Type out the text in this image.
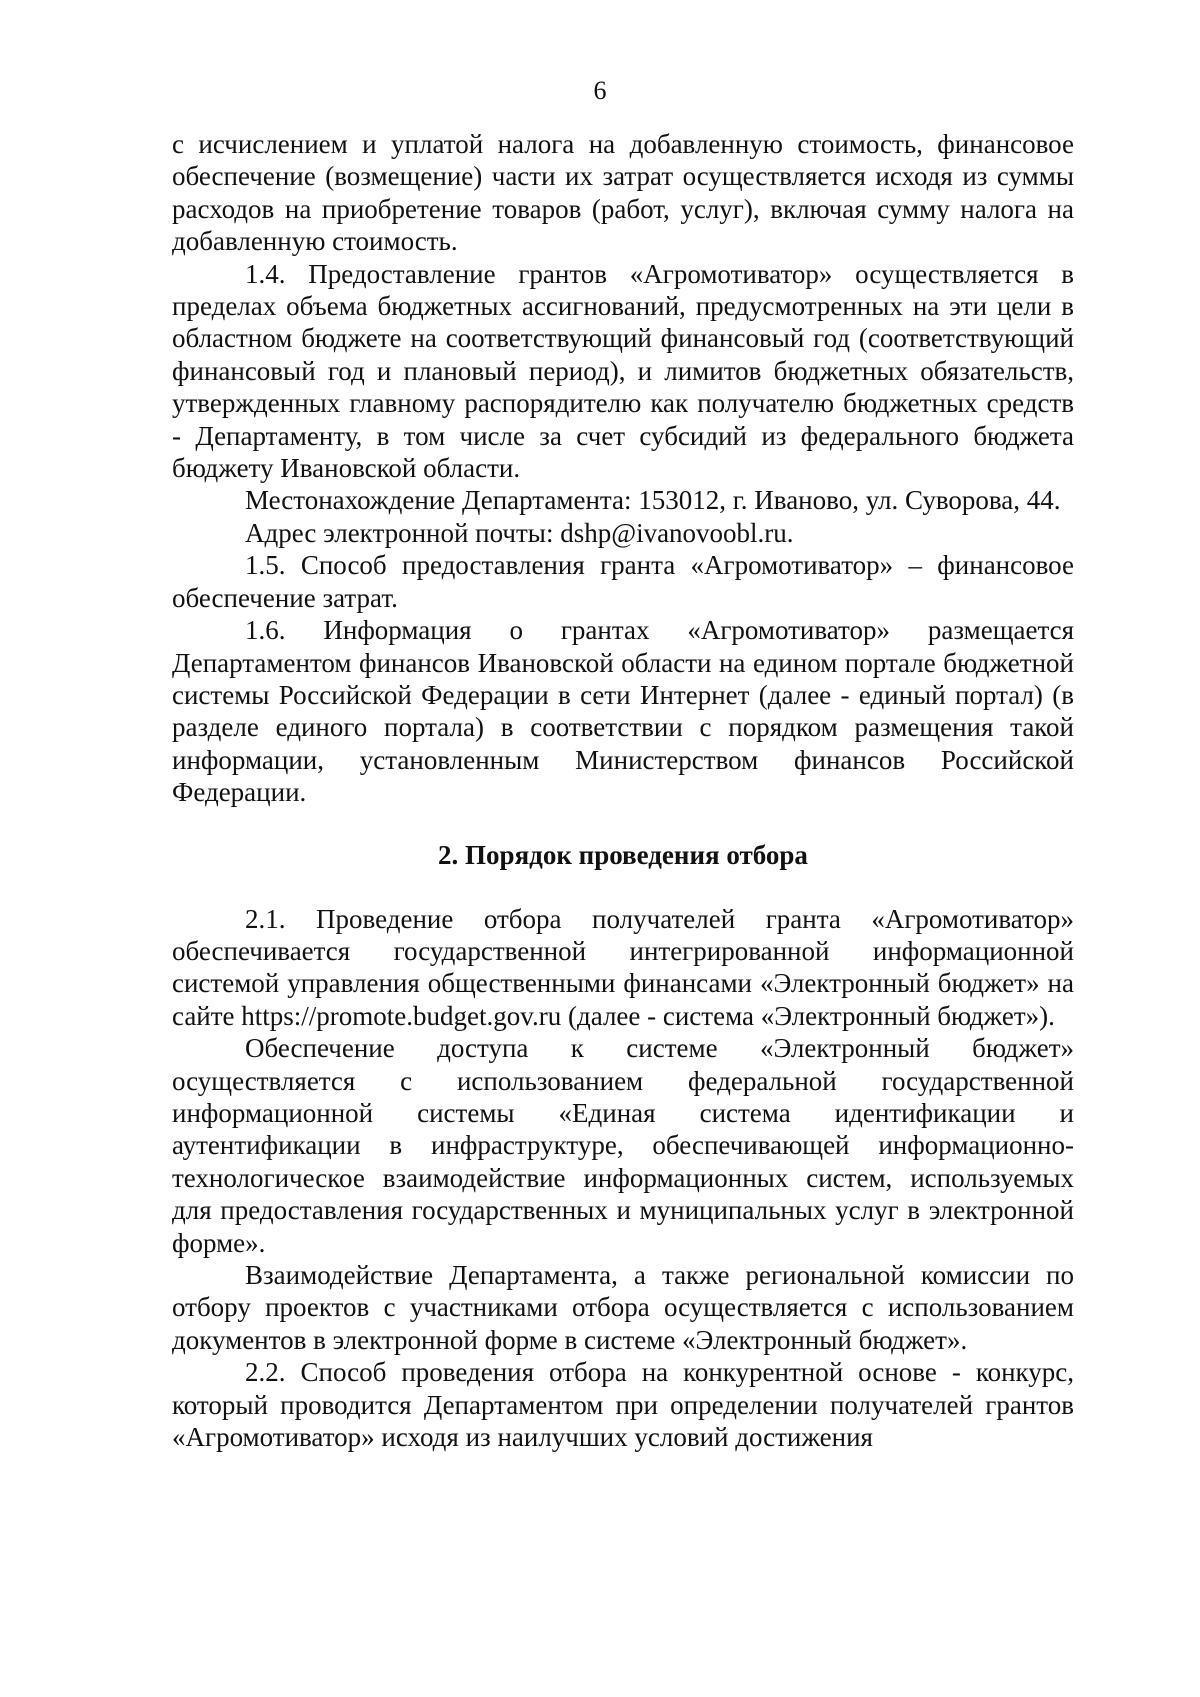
6

с исчислением и уплатой налога на добавленную стоимость, финансовое обеспечение (возмещение) части их затрат осуществляется исходя из суммы расходов на приобретение товаров (работ, услуг), включая сумму налога на добавленную стоимость.

1.4. Предоставление грантов «Агромотиватор» осуществляется в пределах объема бюджетных ассигнований, предусмотренных на эти цели в областном бюджете на соответствующий финансовый год (соответствующий финансовый год и плановый период), и лимитов бюджетных обязательств, утвержденных главному распорядителю как получателю бюджетных средств - Департаменту, в том числе за счет субсидий из федерального бюджета бюджету Ивановской области.

Местонахождение Департамента: 153012, г. Иваново, ул. Суворова, 44.

Адрес электронной почты: dshp@ivanovoobl.ru.

1.5. Способ предоставления гранта «Агромотиватор» – финансовое обеспечение затрат.

1.6. Информация о грантах «Агромотиватор» размещается Департаментом финансов Ивановской области на едином портале бюджетной системы Российской Федерации в сети Интернет (далее - единый портал) (в разделе единого портала) в соответствии с порядком размещения такой информации, установленным Министерством финансов Российской Федерации.

2. Порядок проведения отбора

2.1. Проведение отбора получателей гранта «Агромотиватор» обеспечивается государственной интегрированной информационной системой управления общественными финансами «Электронный бюджет» на сайте https://promote.budget.gov.ru (далее - система «Электронный бюджет»).

Обеспечение доступа к системе «Электронный бюджет» осуществляется с использованием федеральной государственной информационной системы «Единая система идентификации и аутентификации в инфраструктуре, обеспечивающей информационно-технологическое взаимодействие информационных систем, используемых для предоставления государственных и муниципальных услуг в электронной форме».

Взаимодействие Департамента, а также региональной комиссии по отбору проектов с участниками отбора осуществляется с использованием документов в электронной форме в системе «Электронный бюджет».

2.2. Способ проведения отбора на конкурентной основе - конкурс, который проводится Департаментом при определении получателей грантов «Агромотиватор» исходя из наилучших условий достижения
